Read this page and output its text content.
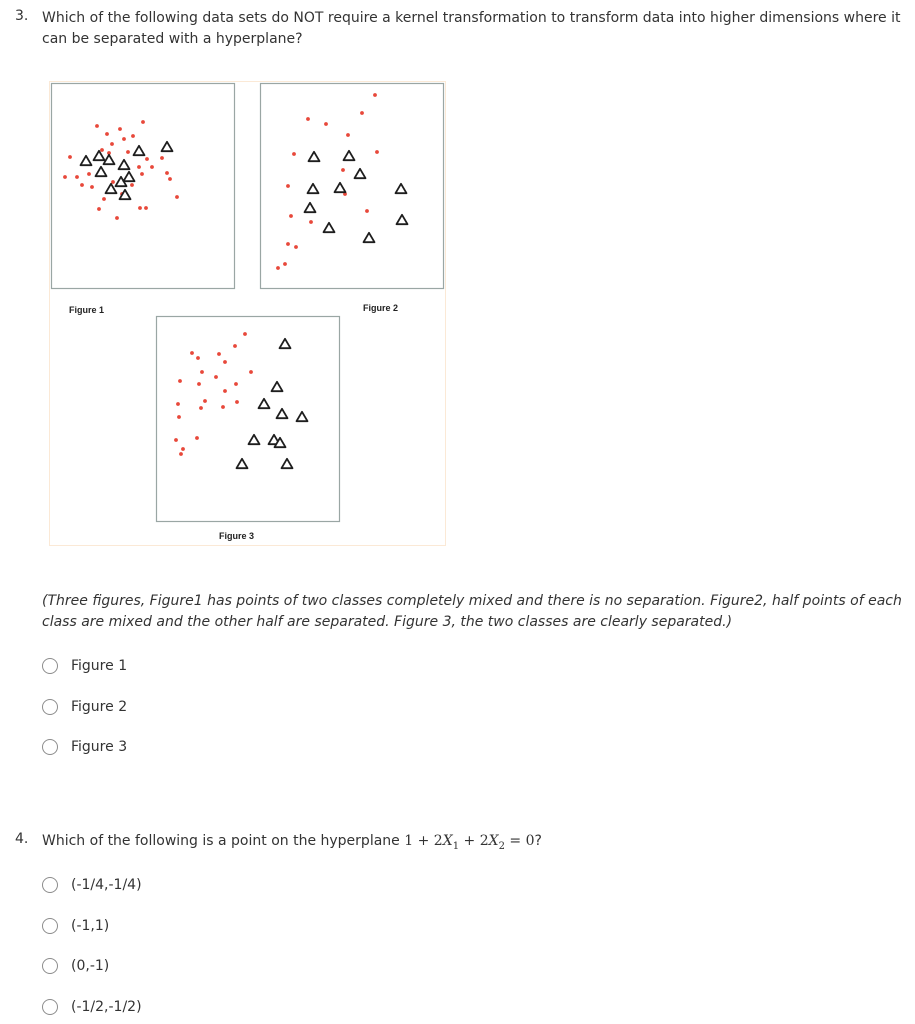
3. Which of the following data sets do NOT require a kernel transformation to transform data into higher dimensions where it can be separated with a hyperplane?
Figure 1	Figure 2
Figure 3
(Three figures, Figure1 has points of two classes completely mixed and there is no separation. Figure2, half points of each class are mixed and the other half are separated. Figure 3, the two classes are clearly separated.)
Figure 1
Figure 2
Figure 3
4. Which of the following is a point on the hyperplane $1 + 2X_1 + 2X_2 = 0$?
(-1/4,-1/4)
(-1,1)
(0,-1)
(-1/2,-1/2)
